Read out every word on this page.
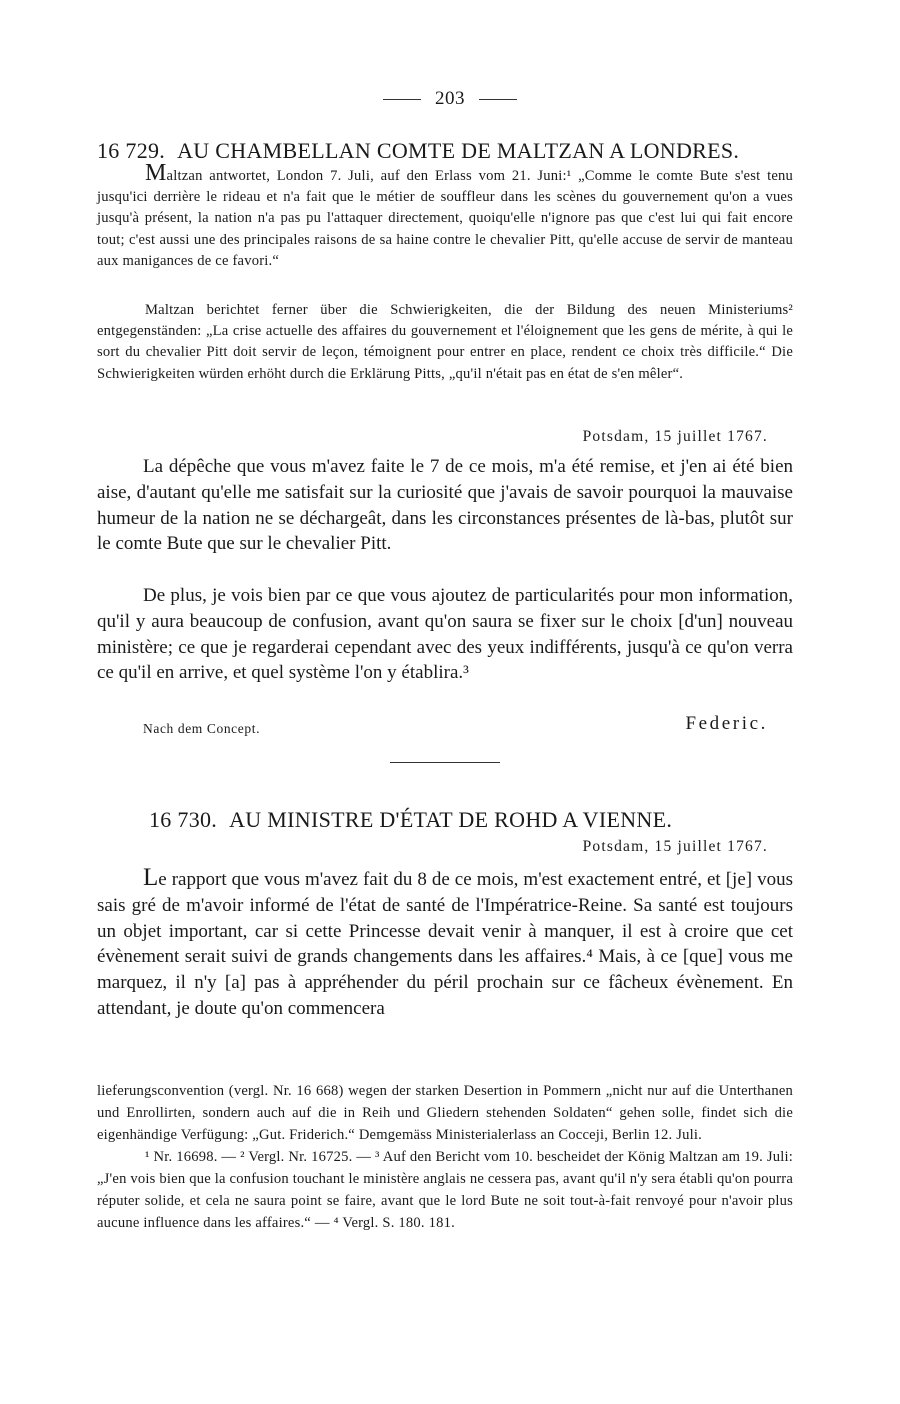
203
16 729. AU CHAMBELLAN COMTE DE MALTZAN A LONDRES.

Maltzan antwortet, London 7. Juli, auf den Erlass vom 21. Juni:¹ „Comme le comte Bute s'est tenu jusqu'ici derrière le rideau et n'a fait que le métier de souffleur dans les scènes du gouvernement qu'on a vues jusqu'à présent, la nation n'a pas pu l'attaquer directement, quoiqu'elle n'ignore pas que c'est lui qui fait encore tout; c'est aussi une des principales raisons de sa haine contre le chevalier Pitt, qu'elle accuse de servir de manteau aux manigances de ce favori.“

Maltzan berichtet ferner über die Schwierigkeiten, die der Bildung des neuen Ministeriums² entgegenständen: „La crise actuelle des affaires du gouvernement et l'éloignement que les gens de mérite, à qui le sort du chevalier Pitt doit servir de leçon, témoignent pour entrer en place, rendent ce choix très difficile.“ Die Schwierigkeiten würden erhöht durch die Erklärung Pitts, „qu'il n'était pas en état de s'en mêler“.

Potsdam, 15 juillet 1767.

La dépêche que vous m'avez faite le 7 de ce mois, m'a été remise, et j'en ai été bien aise, d'autant qu'elle me satisfait sur la curiosité que j'avais de savoir pourquoi la mauvaise humeur de la nation ne se déchargeât, dans les circonstances présentes de là-bas, plutôt sur le comte Bute que sur le chevalier Pitt.

De plus, je vois bien par ce que vous ajoutez de particularités pour mon information, qu'il y aura beaucoup de confusion, avant qu'on saura se fixer sur le choix [d'un] nouveau ministère; ce que je regarderai cependant avec des yeux indifférents, jusqu'à ce qu'on verra ce qu'il en arrive, et quel système l'on y établira.³

Nach dem Concept.	Federic.
16 730. AU MINISTRE D'ÉTAT DE ROHD A VIENNE.
Potsdam, 15 juillet 1767.

Le rapport que vous m'avez fait du 8 de ce mois, m'est exactement entré, et [je] vous sais gré de m'avoir informé de l'état de santé de l'Impératrice-Reine. Sa santé est toujours un objet important, car si cette Princesse devait venir à manquer, il est à croire que cet évènement serait suivi de grands changements dans les affaires.⁴ Mais, à ce [que] vous me marquez, il n'y [a] pas à appréhender du péril prochain sur ce fâcheux évènement. En attendant, je doute qu'on commencera

lieferungsconvention (vergl. Nr. 16 668) wegen der starken Desertion in Pommern „nicht nur auf die Unterthanen und Enrollirten, sondern auch auf die in Reih und Gliedern stehenden Soldaten“ gehen solle, findet sich die eigenhändige Verfügung: „Gut. Friderich.“ Demgemäss Ministerialerlass an Cocceji, Berlin 12. Juli.

¹ Nr. 16698. — ² Vergl. Nr. 16725. — ³ Auf den Bericht vom 10. bescheidet der König Maltzan am 19. Juli: „J'en vois bien que la confusion touchant le ministère anglais ne cessera pas, avant qu'il n'y sera établi qu'on pourra réputer solide, et cela ne saura point se faire, avant que le lord Bute ne soit tout-à-fait renvoyé pour n'avoir plus aucune influence dans les affaires.“ — ⁴ Vergl. S. 180. 181.
